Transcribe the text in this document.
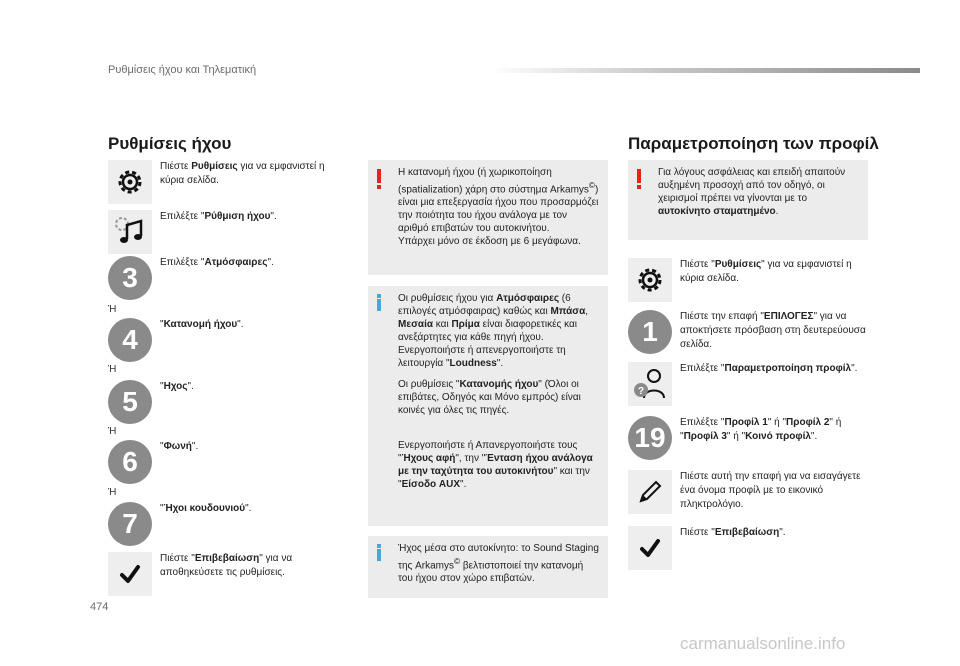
Ρυθμίσεις ήχου και Τηλεματική
Ρυθμίσεις ήχου
Πιέστε Ρυθμίσεις για να εμφανιστεί η κύρια σελίδα.
Επιλέξτε "Ρύθμιση ήχου".
3	Επιλέξτε "Ατμόσφαιρες".
Ή
4	"Κατανομή ήχου".
Ή
5	"Ηχος".
Ή
6	"Φωνή".
Ή
7	"Ήχοι κουδουνιού".
Πιέστε "Επιβεβαίωση" για να αποθηκεύσετε τις ρυθμίσεις.
Η κατανομή ήχου (ή χωρικοποίηση (spatialization) χάρη στο σύστημα Arkamys©) είναι μια επεξεργασία ήχου που προσαρμόζει την ποιότητα του ήχου ανάλογα με τον αριθμό επιβατών του αυτοκινήτου.
Υπάρχει μόνο σε έκδοση με 6 μεγάφωνα.
Οι ρυθμίσεις ήχου για Ατμόσφαιρες (6 επιλογές ατμόσφαιρας) καθώς και Μπάσα, Μεσαία και Πρίμα είναι διαφορετικές και ανεξάρτητες για κάθε πηγή ήχου.
Ενεργοποιήστε ή απενεργοποιήστε τη λειτουργία "Loudness".
Οι ρυθμίσεις "Κατανομής ήχου" (Όλοι οι επιβάτες, Οδηγός και Μόνο εμπρός) είναι κοινές για όλες τις πηγές.
Ενεργοποιήστε ή Απανεργοποιήστε τους "Ήχους αφή", την "Ένταση ήχου ανάλογα με την ταχύτητα του αυτοκινήτου" και την "Είσοδο AUX".
Ήχος μέσα στο αυτοκίνητο: το Sound Staging της Arkamys© βελτιστοποιεί την κατανομή του ήχου στον χώρο επιβατών.
Παραμετροποίηση των προφίλ
Για λόγους ασφάλειας και επειδή απαιτούν αυξημένη προσοχή από τον οδηγό, οι χειρισμοί πρέπει να γίνονται με το αυτοκίνητο σταματημένο.
Πιέστε "Ρυθμίσεις" για να εμφανιστεί η κύρια σελίδα.
1	Πιέστε την επαφή "ΕΠΙΛΟΓΕΣ" για να αποκτήσετε πρόσβαση στη δευτερεύουσα σελίδα.
?
Επιλέξτε "Παραμετροποίηση προφίλ".
19	Επιλέξτε "Προφίλ 1" ή "Προφίλ 2" ή "Προφίλ 3" ή "Κοινό προφίλ".
Πιέστε αυτή την επαφή για να εισαγάγετε ένα όνομα προφίλ με το εικονικό πληκτρολόγιο.
Πιέστε "Επιβεβαίωση".
474
carmanualsonline.info
